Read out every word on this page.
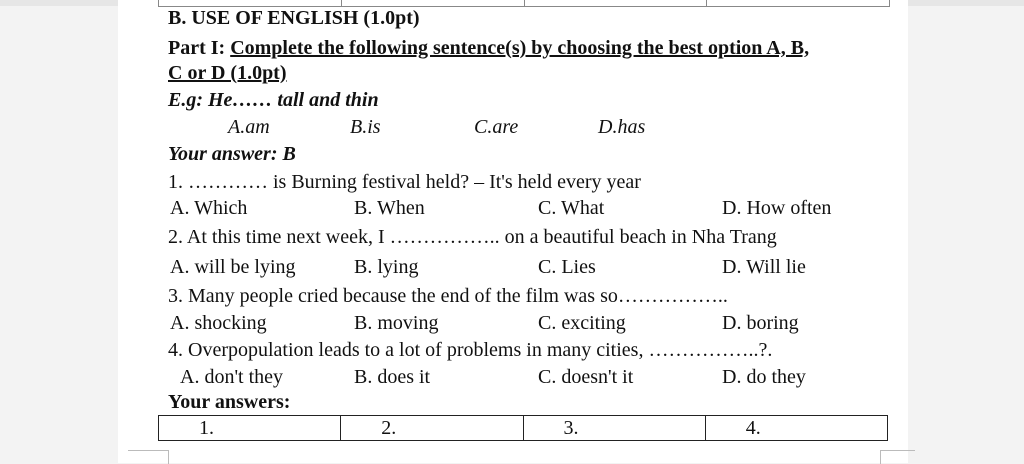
B. USE OF ENGLISH (1.0pt)
Part I: Complete the following sentence(s) by choosing the best option A, B,
C or D (1.0pt)
E.g: He…… tall and thin
A.am	B.is	C.are	D.has
Your answer: B
1. ………… is Burning festival held? – It's held every year
A. Which	B. When	C. What	D. How often
2. At this time next week, I …………….. on a beautiful beach in Nha Trang
A. will be lying	B. lying	C. Lies	D. Will lie
3. Many people cried because the end of the film was so……………..
A. shocking	B. moving	C. exciting	D. boring
4. Overpopulation leads to a lot of problems in many cities, ……………..?.
A. don't they	B. does it	C. doesn't it	D. do they
Your answers:
1.	2.	3.	4.
